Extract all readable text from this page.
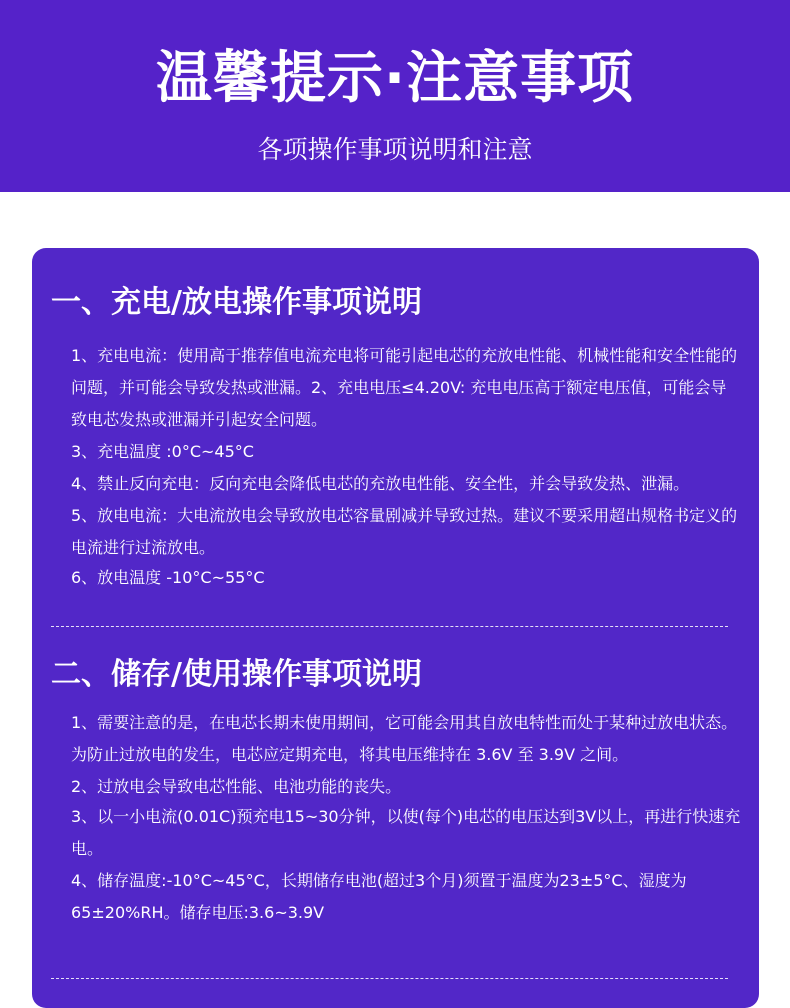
温馨提示·注意事项
各项操作事项说明和注意
一、充电/放电操作事项说明
1、充电电流：使用高于推荐值电流充电将可能引起电芯的充放电性能、机械性能和安全性能的问题，并可能会导致发热或泄漏。2、充电电压≤4.20V: 充电电压高于额定电压值，可能会导致电芯发热或泄漏并引起安全问题。
3、充电温度 :0°C~45°C
4、禁止反向充电：反向充电会降低电芯的充放电性能、安全性，并会导致发热、泄漏。
5、放电电流：大电流放电会导致放电芯容量剧减并导致过热。建议不要采用超出规格书定义的电流进行过流放电。
6、放电温度 -10°C~55°C
二、储存/使用操作事项说明
1、需要注意的是，在电芯长期未使用期间，它可能会用其自放电特性而处于某种过放电状态。为防止过放电的发生，电芯应定期充电，将其电压维持在 3.6V 至 3.9V 之间。
2、过放电会导致电芯性能、电池功能的丧失。
3、以一小电流(0.01C)预充电15~30分钟，以使(每个)电芯的电压达到3V以上，再进行快速充电。
4、储存温度:-10°C~45°C，长期储存电池(超过3个月)须置于温度为23±5°C、湿度为65±20%RH。储存电压:3.6~3.9V
